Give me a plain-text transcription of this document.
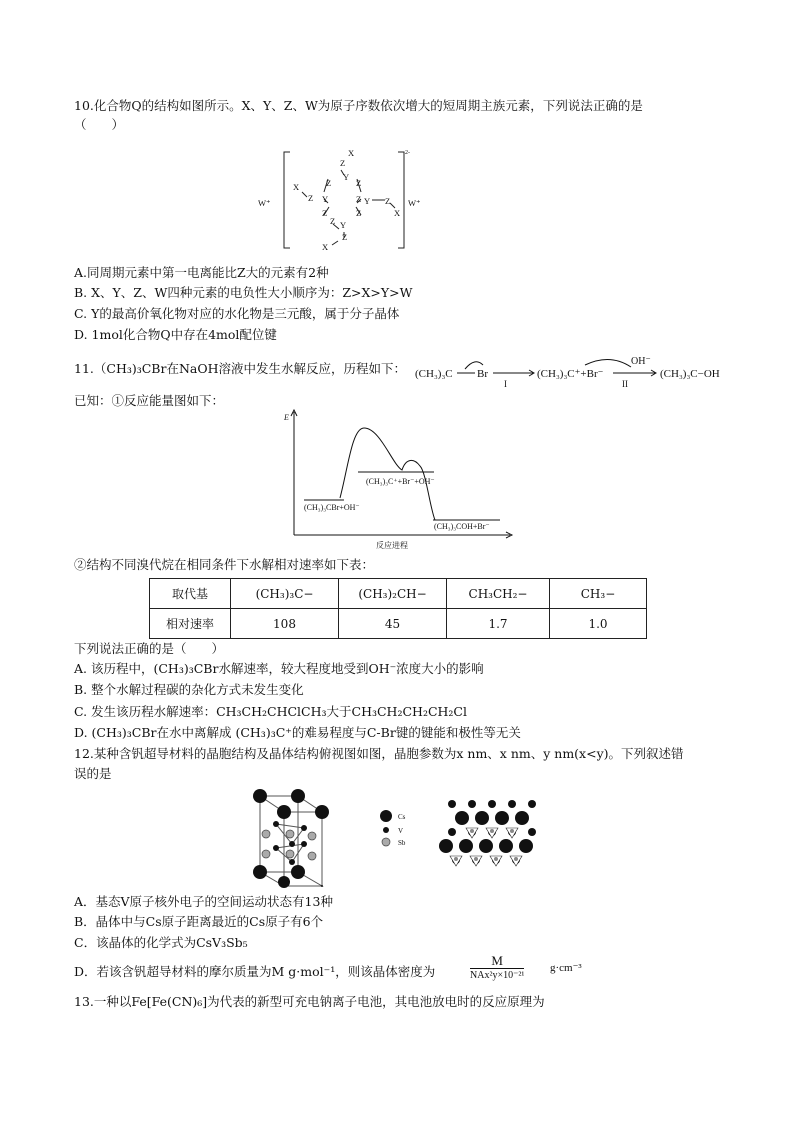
10.化合物Q的结构如图所示。X、Y、Z、W为原子序数依次增大的短周期主族元素，下列说法正确的是
（　　）
X
Z
Y
Z	Z
X
Z Y	Z Y Z
X
Z	Z
Z Y
Z
X
W⁺	W⁺
2-
A.同周期元素中第一电离能比Z大的元素有2种
B. X、Y、Z、W四种元素的电负性大小顺序为：Z>X>Y>W
C. Y的最高价氧化物对应的水化物是三元酸，属于分子晶体
D. 1mol化合物Q中存在4mol配位键
11.（CH₃)₃CBr在NaOH溶液中发生水解反应，历程如下： (CH₃)₃C Br	(CH₃)₃C⁺+Br⁻
OH⁻
I	II
(CH₃)₃C−OH
已知：①反应能量图如下：
E
反应进程
(CH₃)₃CBr+OH⁻
(CH₃)₃C⁺+Br⁻+OH⁻
(CH₃)₃COH+Br⁻
②结构不同溴代烷在相同条件下水解相对速率如下表：
取代基	(CH₃)₃C−	(CH₃)₂CH−	CH₃CH₂−	CH₃−
相对速率	108	45	1.7	1.0
下列说法正确的是（　　）
A. 该历程中，(CH₃)₃CBr水解速率，较大程度地受到OH⁻浓度大小的影响
B. 整个水解过程碳的杂化方式未发生变化
C. 发生该历程水解速率：CH₃CH₂CHClCH₃大于CH₃CH₂CH₂CH₂Cl
D. (CH₃)₃CBr在水中离解成 (CH₃)₃C⁺的难易程度与C-Br键的键能和极性等无关
12.某种含钒超导材料的晶胞结构及晶体结构俯视图如图，晶胞参数为x nm、x nm、y nm(x<y)。下列叙述错
误的是
Cs
V
Sb
A．基态V原子核外电子的空间运动状态有13种
B．晶体中与Cs原子距离最近的Cs原子有6个
C．该晶体的化学式为CsV₃Sb₅
D．若该含钒超导材料的摩尔质量为M g·mol⁻¹，则该晶体密度为
M
NAx²y×10⁻²¹
g·cm⁻³
13.一种以Fe[Fe(CN)₆]为代表的新型可充电钠离子电池，其电池放电时的反应原理为
